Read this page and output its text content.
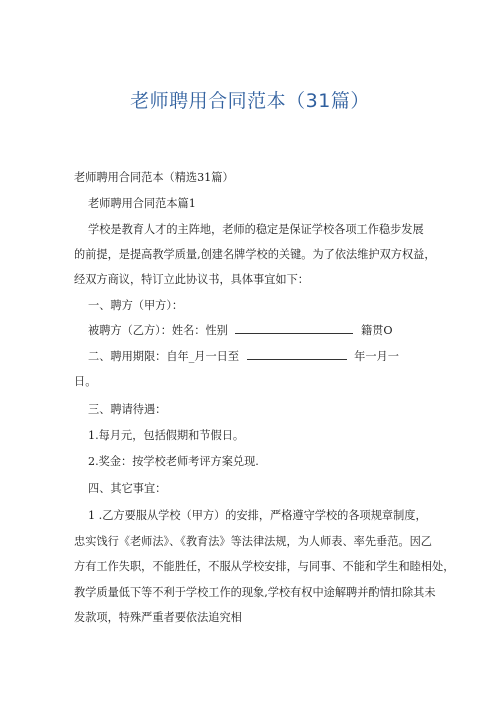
老师聘用合同范本（31篇）
老师聘用合同范本（精选31篇）
老师聘用合同范本篇1
学校是教育人才的主阵地，老师的稳定是保证学校各项工作稳步发展
的前提，是提高教学质量,创建名牌学校的关键。为了依法维护双方权益，
经双方商议，特订立此协议书，具体事宜如下：
一、聘方（甲方）：
被聘方（乙方）：姓名：性别	籍贯O
二、聘用期限：自年_月一日至	年一月一
日。
三、聘请待遇：
1.每月元，包括假期和节假日。
2.奖金：按学校老师考评方案兑现.
四、其它事宜：
1 .乙方要服从学校（甲方）的安排，严格遵守学校的各项规章制度，
忠实饯行《老师法》、《教育法》等法律法规，为人师表、率先垂范。因乙
方有工作失职，不能胜任，不服从学校安排，与同事、不能和学生和睦相处，
教学质量低下等不利于学校工作的现象,学校有权中途解聘并酌情扣除其未
发款项，特殊严重者要依法追究相
